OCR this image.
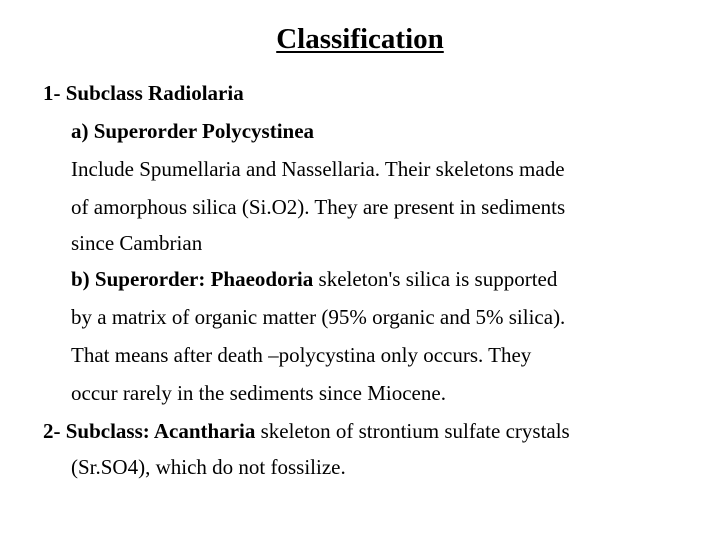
Classification
1- Subclass Radiolaria
a) Superorder Polycystinea
Include Spumellaria and Nassellaria. Their skeletons made
of amorphous silica (Si.O2). They are present in sediments
since Cambrian
b) Superorder: Phaeodoria skeleton's silica is supported
by a matrix of organic matter (95% organic and 5% silica).
That means after death –polycystina only occurs. They
occur rarely in the sediments since Miocene.
2- Subclass: Acantharia skeleton of strontium sulfate crystals
(Sr.SO4), which do not fossilize.
